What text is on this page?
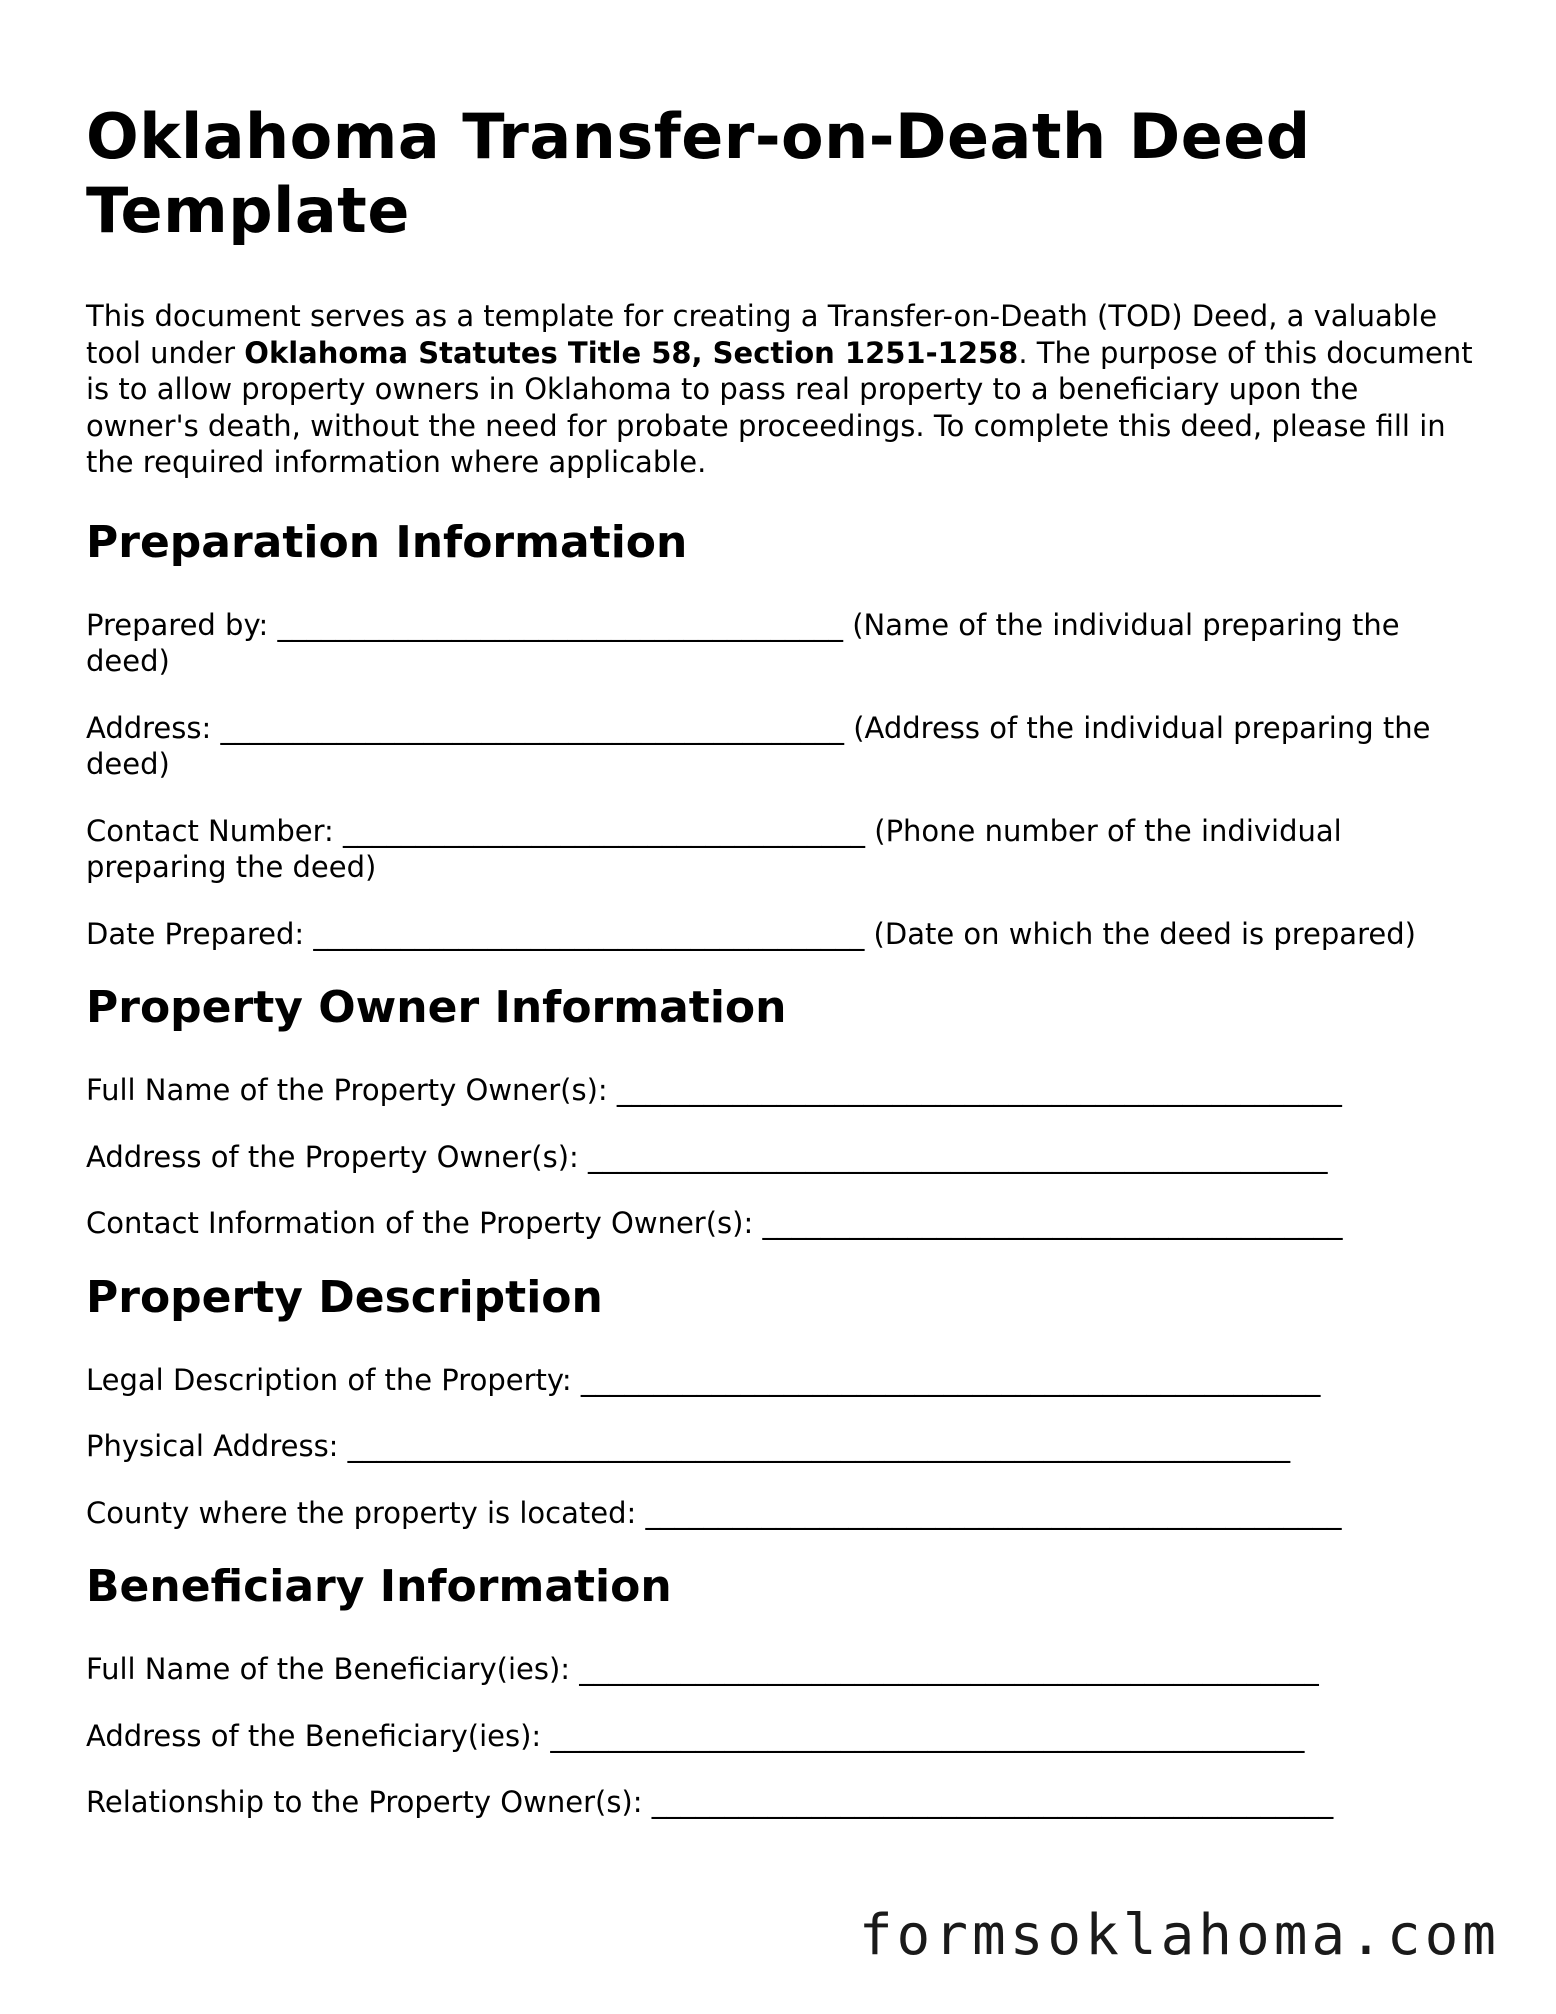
Oklahoma Transfer-on-Death Deed Template

This document serves as a template for creating a Transfer-on-Death (TOD) Deed, a valuable tool under Oklahoma Statutes Title 58, Section 1251-1258. The purpose of this document is to allow property owners in Oklahoma to pass real property to a beneficiary upon the owner's death, without the need for probate proceedings. To complete this deed, please fill in the required information where applicable.

Preparation Information

Prepared by: _______________________________________ (Name of the individual preparing the deed)

Address: ___________________________________________ (Address of the individual preparing the deed)

Contact Number: ____________________________________ (Phone number of the individual preparing the deed)

Date Prepared: ______________________________________ (Date on which the deed is prepared)

Property Owner Information

Full Name of the Property Owner(s): __________________________________________________

Address of the Property Owner(s): ___________________________________________________

Contact Information of the Property Owner(s): ________________________________________

Property Description

Legal Description of the Property: ___________________________________________________

Physical Address: _________________________________________________________________

County where the property is located: ________________________________________________

Beneficiary Information

Full Name of the Beneficiary(ies): ___________________________________________________

Address of the Beneficiary(ies): ____________________________________________________

Relationship to the Property Owner(s): _______________________________________________

formsoklahoma.com
